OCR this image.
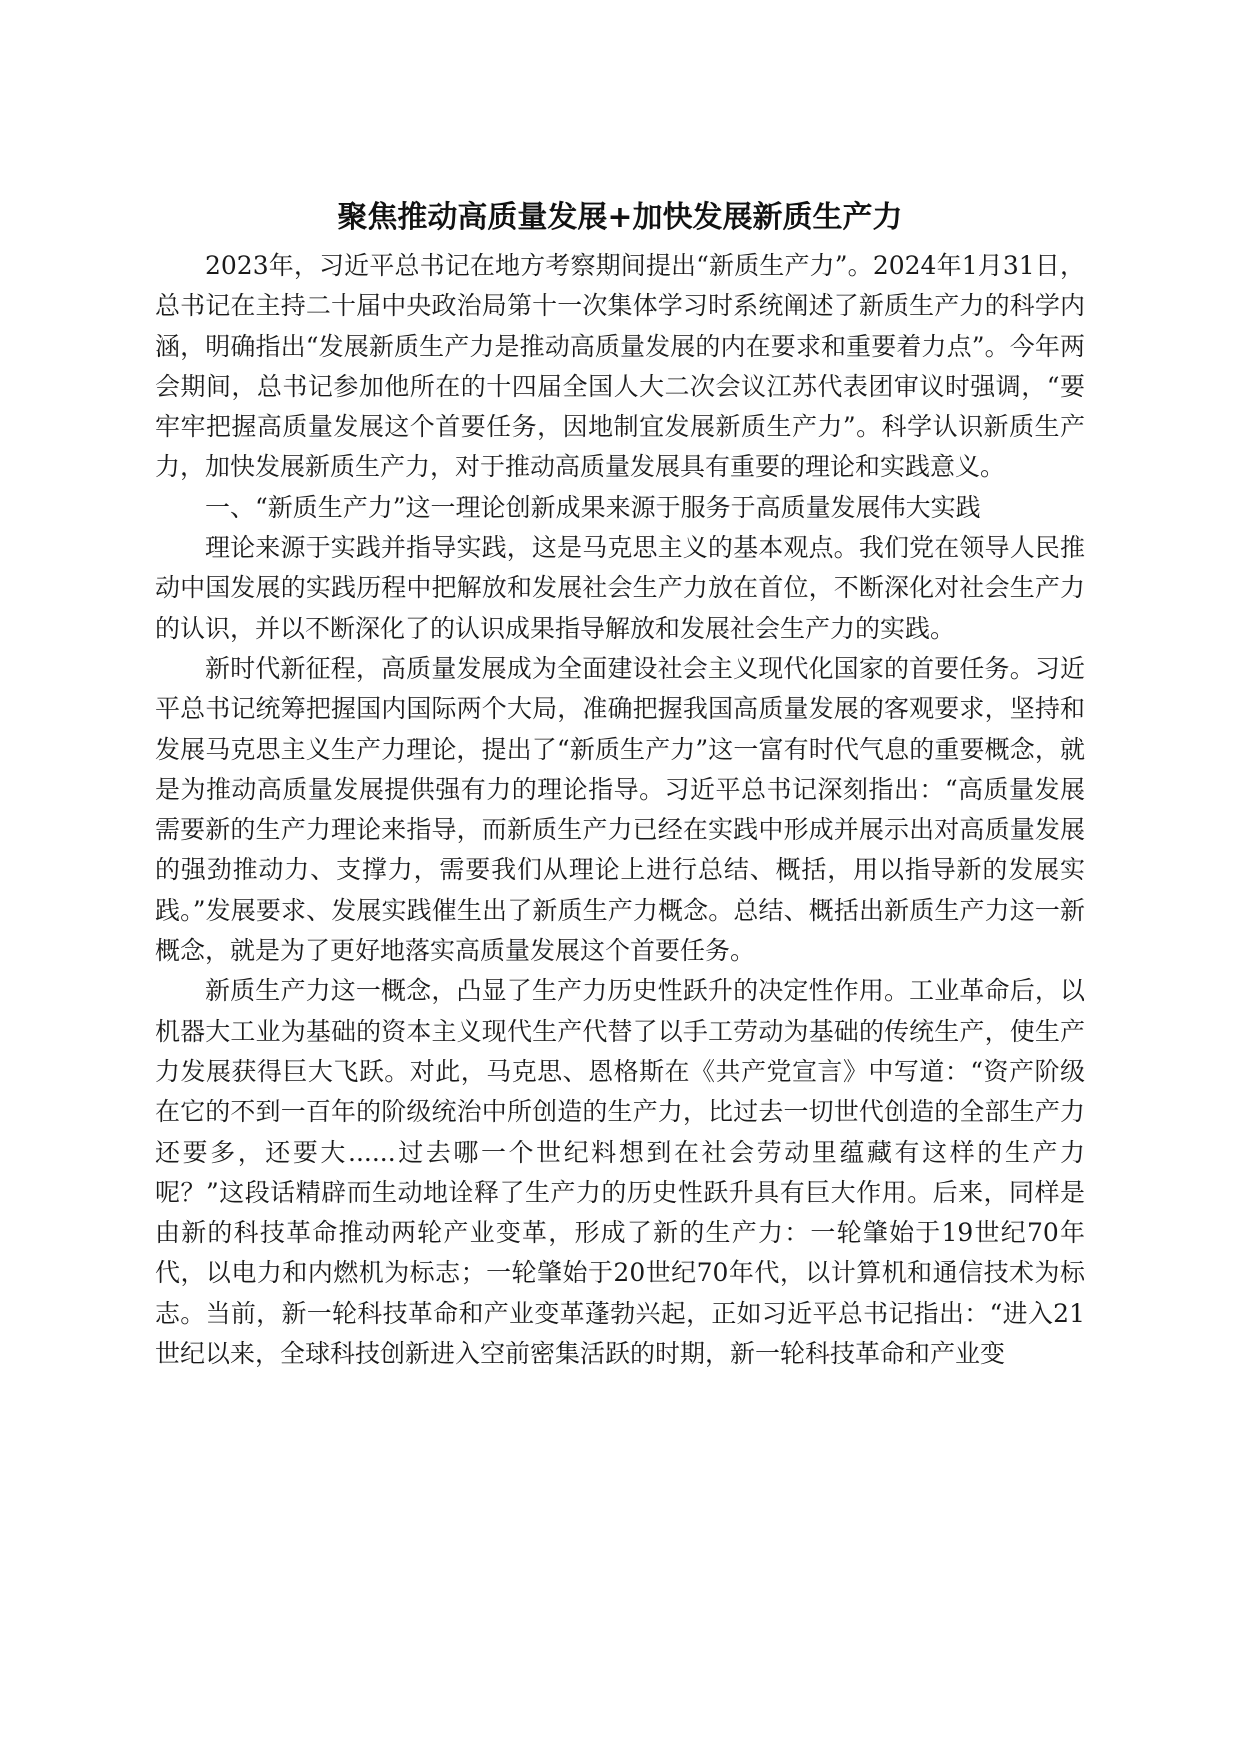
聚焦推动高质量发展+加快发展新质生产力

2023年，习近平总书记在地方考察期间提出“新质生产力”。2024年1月31日，总书记在主持二十届中央政治局第十一次集体学习时系统阐述了新质生产力的科学内涵，明确指出“发展新质生产力是推动高质量发展的内在要求和重要着力点”。今年两会期间，总书记参加他所在的十四届全国人大二次会议江苏代表团审议时强调，“要牢牢把握高质量发展这个首要任务，因地制宜发展新质生产力”。科学认识新质生产力，加快发展新质生产力，对于推动高质量发展具有重要的理论和实践意义。

一、“新质生产力”这一理论创新成果来源于服务于高质量发展伟大实践

理论来源于实践并指导实践，这是马克思主义的基本观点。我们党在领导人民推动中国发展的实践历程中把解放和发展社会生产力放在首位，不断深化对社会生产力的认识，并以不断深化了的认识成果指导解放和发展社会生产力的实践。

新时代新征程，高质量发展成为全面建设社会主义现代化国家的首要任务。习近平总书记统筹把握国内国际两个大局，准确把握我国高质量发展的客观要求，坚持和发展马克思主义生产力理论，提出了“新质生产力”这一富有时代气息的重要概念，就是为推动高质量发展提供强有力的理论指导。习近平总书记深刻指出：“高质量发展需要新的生产力理论来指导，而新质生产力已经在实践中形成并展示出对高质量发展的强劲推动力、支撑力，需要我们从理论上进行总结、概括，用以指导新的发展实践。”发展要求、发展实践催生出了新质生产力概念。总结、概括出新质生产力这一新概念，就是为了更好地落实高质量发展这个首要任务。

新质生产力这一概念，凸显了生产力历史性跃升的决定性作用。工业革命后，以机器大工业为基础的资本主义现代生产代替了以手工劳动为基础的传统生产，使生产力发展获得巨大飞跃。对此，马克思、恩格斯在《共产党宣言》中写道：“资产阶级在它的不到一百年的阶级统治中所创造的生产力，比过去一切世代创造的全部生产力还要多，还要大......过去哪一个世纪料想到在社会劳动里蕴藏有这样的生产力呢？”这段话精辟而生动地诠释了生产力的历史性跃升具有巨大作用。后来，同样是由新的科技革命推动两轮产业变革，形成了新的生产力：一轮肇始于19世纪70年代，以电力和内燃机为标志；一轮肇始于20世纪70年代，以计算机和通信技术为标志。当前，新一轮科技革命和产业变革蓬勃兴起，正如习近平总书记指出：“进入21世纪以来，全球科技创新进入空前密集活跃的时期，新一轮科技革命和产业变
